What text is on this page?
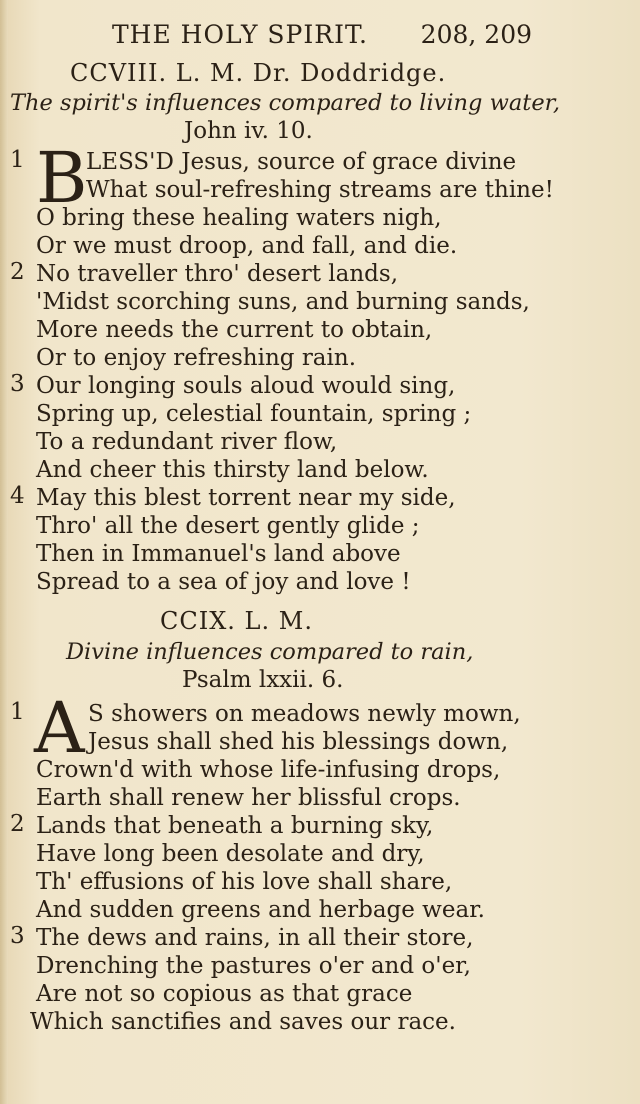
THE HOLY SPIRIT. 208, 209
CCVIII. L. M. Dr. Doddridge.
The spirit's influences compared to living water,
John iv. 10.
B
1
2
3
4
LESS'D Jesus, source of grace divine
What soul-refreshing streams are thine!
O bring these healing waters nigh,
Or we must droop, and fall, and die.
No traveller thro' desert lands,
'Midst scorching suns, and burning sands,
More needs the current to obtain,
Or to enjoy refreshing rain.
Our longing souls aloud would sing,
Spring up, celestial fountain, spring ;
To a redundant river flow,
And cheer this thirsty land below.
May this blest torrent near my side,
Thro' all the desert gently glide ;
Then in Immanuel's land above
Spread to a sea of joy and love !
CCIX. L. M.
Divine influences compared to rain,
Psalm lxxii. 6.
A
1
2
3
S showers on meadows newly mown,
Jesus shall shed his blessings down,
Crown'd with whose life-infusing drops,
Earth shall renew her blissful crops.
Lands that beneath a burning sky,
Have long been desolate and dry,
Th' effusions of his love shall share,
And sudden greens and herbage wear.
The dews and rains, in all their store,
Drenching the pastures o'er and o'er,
Are not so copious as that grace
Which sanctifies and saves our race.
